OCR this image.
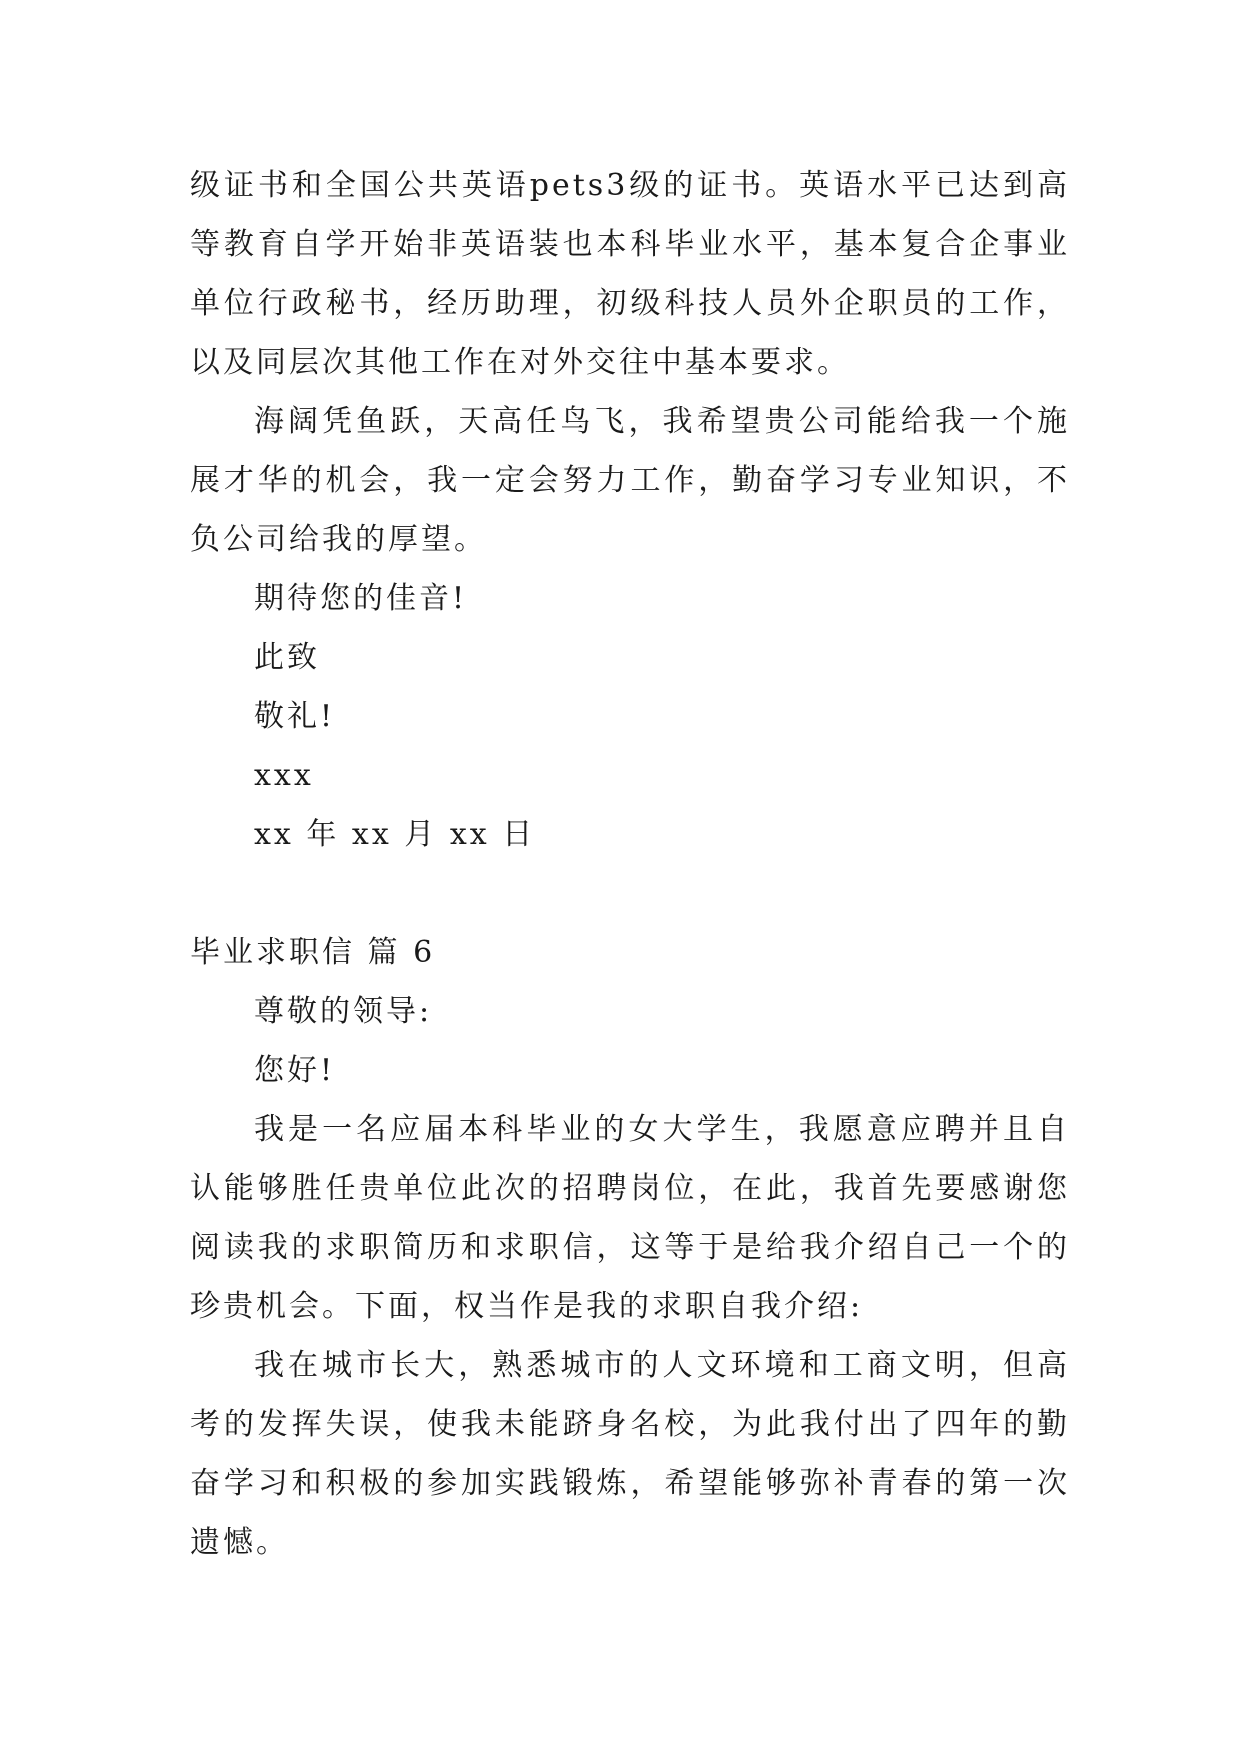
级证书和全国公共英语pets3级的证书。英语水平已达到高等教育自学开始非英语装也本科毕业水平，基本复合企事业单位行政秘书，经历助理，初级科技人员外企职员的工作，以及同层次其他工作在对外交往中基本要求。

海阔凭鱼跃，天高任鸟飞，我希望贵公司能给我一个施展才华的机会，我一定会努力工作，勤奋学习专业知识，不负公司给我的厚望。

期待您的佳音!

此致

敬礼!

xxx

xx 年 xx 月 xx 日

毕业求职信 篇 6

尊敬的领导:

您好!

我是一名应届本科毕业的女大学生，我愿意应聘并且自认能够胜任贵单位此次的招聘岗位，在此，我首先要感谢您阅读我的求职简历和求职信，这等于是给我介绍自己一个的珍贵机会。下面，权当作是我的求职自我介绍:

我在城市长大，熟悉城市的人文环境和工商文明，但高考的发挥失误，使我未能跻身名校，为此我付出了四年的勤奋学习和积极的参加实践锻炼，希望能够弥补青春的第一次遗憾。
